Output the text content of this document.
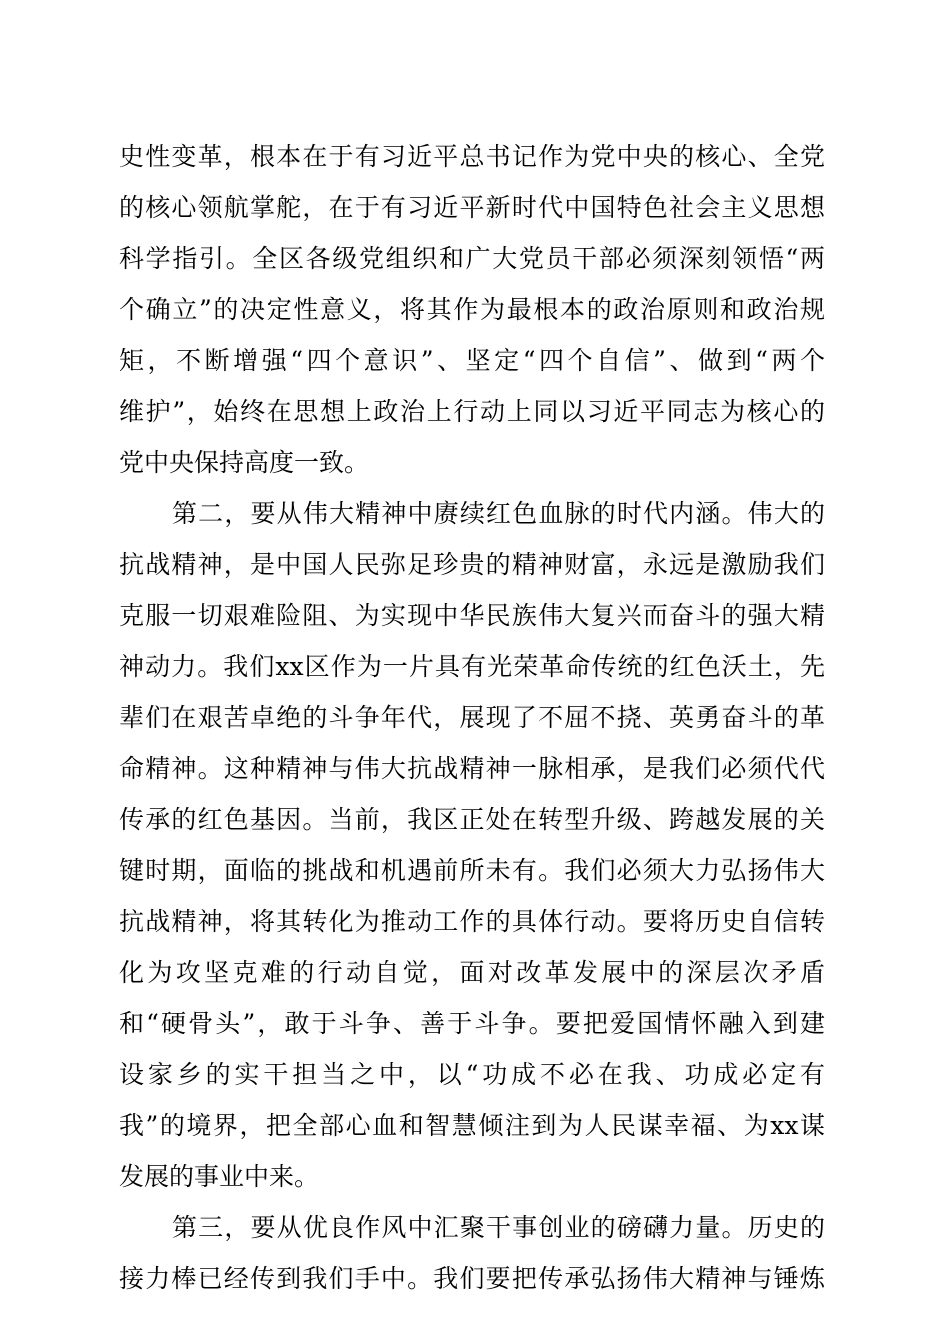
史性变革，根本在于有习近平总书记作为党中央的核心、全党
的核心领航掌舵，在于有习近平新时代中国特色社会主义思想
科学指引。全区各级党组织和广大党员干部必须深刻领悟“两
个确立”的决定性意义，将其作为最根本的政治原则和政治规
矩，不断增强“四个意识”、坚定“四个自信”、做到“两个
维护”，始终在思想上政治上行动上同以习近平同志为核心的
党中央保持高度一致。
第二，要从伟大精神中赓续红色血脉的时代内涵。伟大的
抗战精神，是中国人民弥足珍贵的精神财富，永远是激励我们
克服一切艰难险阻、为实现中华民族伟大复兴而奋斗的强大精
神动力。我们xx区作为一片具有光荣革命传统的红色沃土，先
辈们在艰苦卓绝的斗争年代，展现了不屈不挠、英勇奋斗的革
命精神。这种精神与伟大抗战精神一脉相承，是我们必须代代
传承的红色基因。当前，我区正处在转型升级、跨越发展的关
键时期，面临的挑战和机遇前所未有。我们必须大力弘扬伟大
抗战精神，将其转化为推动工作的具体行动。要将历史自信转
化为攻坚克难的行动自觉，面对改革发展中的深层次矛盾
和“硬骨头”，敢于斗争、善于斗争。要把爱国情怀融入到建
设家乡的实干担当之中，以“功成不必在我、功成必定有
我”的境界，把全部心血和智慧倾注到为人民谋幸福、为xx谋
发展的事业中来。
第三，要从优良作风中汇聚干事创业的磅礴力量。历史的
接力棒已经传到我们手中。我们要把传承弘扬伟大精神与锤炼
